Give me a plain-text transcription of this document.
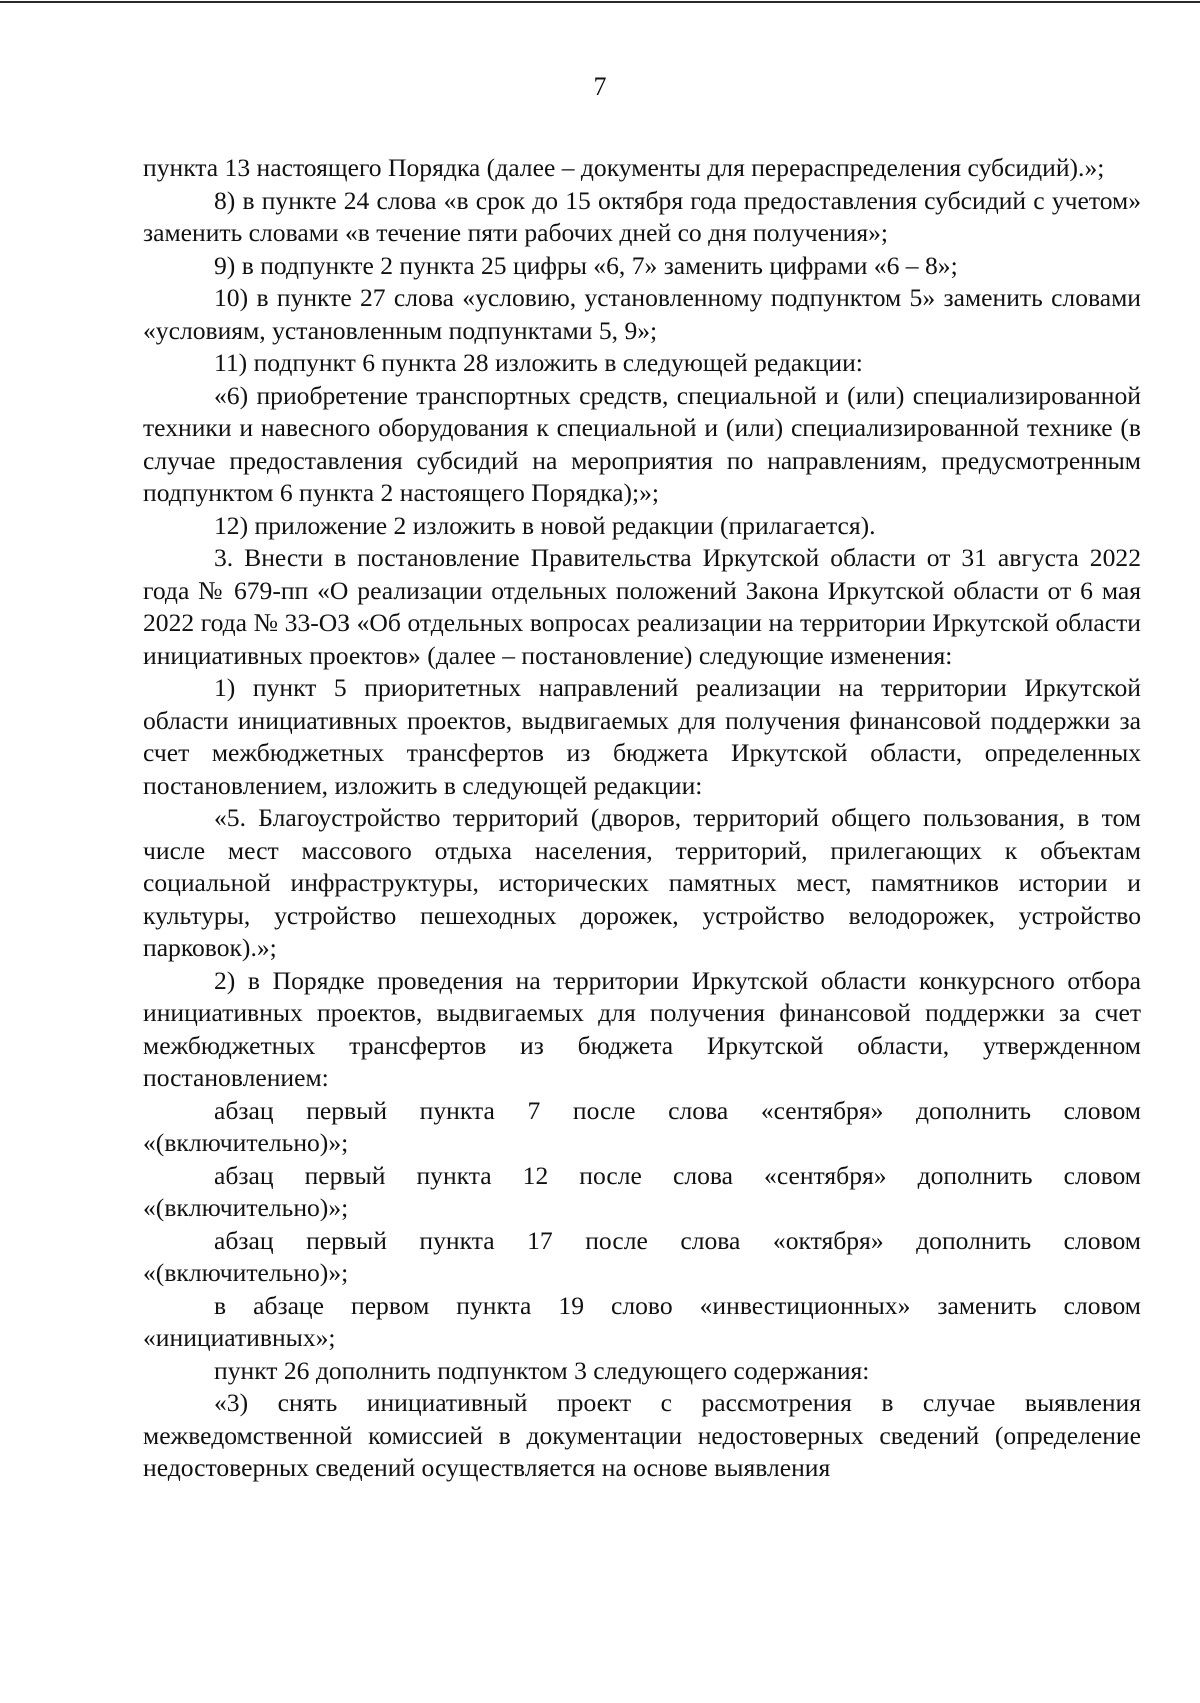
7

пункта 13 настоящего Порядка (далее – документы для перераспределения субсидий).»;

8) в пункте 24 слова «в срок до 15 октября года предоставления субсидий с учетом» заменить словами «в течение пяти рабочих дней со дня получения»;

9) в подпункте 2 пункта 25 цифры «6, 7» заменить цифрами «6 – 8»;

10) в пункте 27 слова «условию, установленному подпунктом 5» заменить словами «условиям, установленным подпунктами 5, 9»;

11) подпункт 6 пункта 28 изложить в следующей редакции:

«6) приобретение транспортных средств, специальной и (или) специализированной техники и навесного оборудования к специальной и (или) специализированной технике (в случае предоставления субсидий на мероприятия по направлениям, предусмотренным подпунктом 6 пункта 2 настоящего Порядка);»;

12) приложение 2 изложить в новой редакции (прилагается).

3. Внести в постановление Правительства Иркутской области от 31 августа 2022 года № 679-пп «О реализации отдельных положений Закона Иркутской области от 6 мая 2022 года № 33-ОЗ «Об отдельных вопросах реализации на территории Иркутской области инициативных проектов» (далее – постановление) следующие изменения:

1) пункт 5 приоритетных направлений реализации на территории Иркутской области инициативных проектов, выдвигаемых для получения финансовой поддержки за счет межбюджетных трансфертов из бюджета Иркутской области, определенных постановлением, изложить в следующей редакции:

«5. Благоустройство территорий (дворов, территорий общего пользования, в том числе мест массового отдыха населения, территорий, прилегающих к объектам социальной инфраструктуры, исторических памятных мест, памятников истории и культуры, устройство пешеходных дорожек, устройство велодорожек, устройство парковок).»;

2) в Порядке проведения на территории Иркутской области конкурсного отбора инициативных проектов, выдвигаемых для получения финансовой поддержки за счет межбюджетных трансфертов из бюджета Иркутской области, утвержденном постановлением:

абзац первый пункта 7 после слова «сентября» дополнить словом «(включительно)»;

абзац первый пункта 12 после слова «сентября» дополнить словом «(включительно)»;

абзац первый пункта 17 после слова «октября» дополнить словом «(включительно)»;

в абзаце первом пункта 19 слово «инвестиционных» заменить словом «инициативных»;

пункт 26 дополнить подпунктом 3 следующего содержания:

«3) снять инициативный проект с рассмотрения в случае выявления межведомственной комиссией в документации недостоверных сведений (определение недостоверных сведений осуществляется на основе выявления
